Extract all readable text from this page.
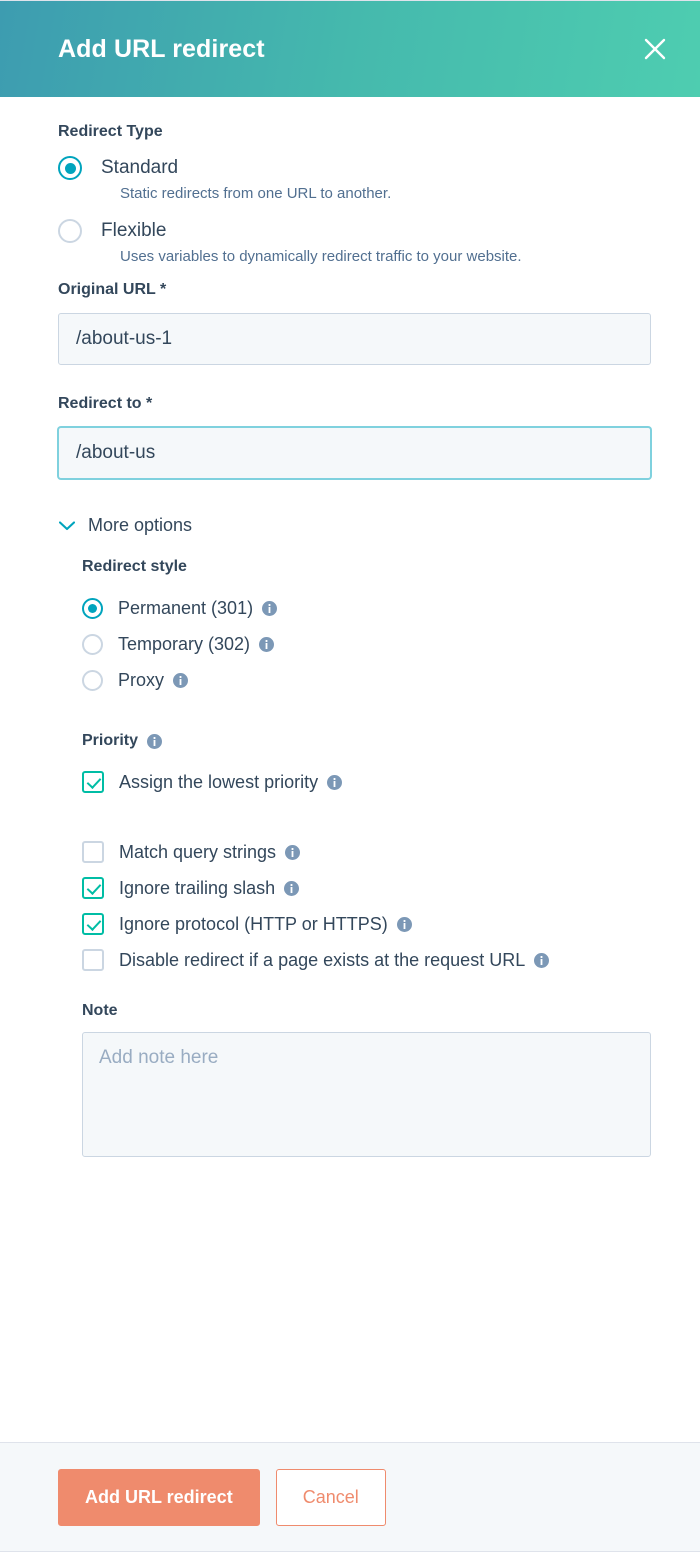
Add URL redirect
Redirect Type
Standard
Static redirects from one URL to another.
Flexible
Uses variables to dynamically redirect traffic to your website.
Original URL *
/about-us-1
Redirect to *
/about-us
More options
Redirect style
Permanent (301)
Temporary (302)
Proxy
Priority
Assign the lowest priority
Match query strings
Ignore trailing slash
Ignore protocol (HTTP or HTTPS)
Disable redirect if a page exists at the request URL
Note
Add note here
Add URL redirect	Cancel
